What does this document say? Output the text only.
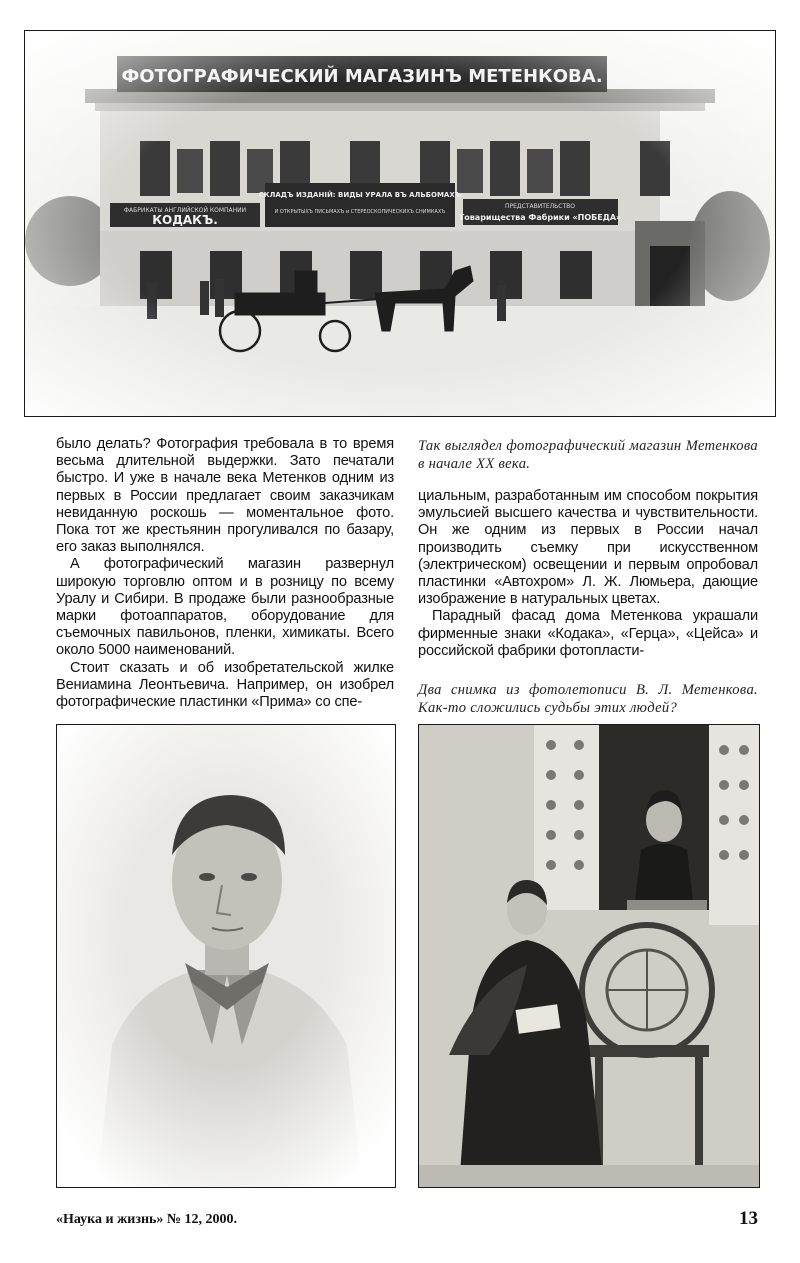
было делать? Фотография требовала в то время весьма длительной выдержки. Зато печатали быстро. И уже в начале века Метенков одним из первых в России предлагает своим заказчикам невиданную роскошь — моментальное фото. Пока тот же крестьянин прогуливался по базару, его заказ выполнялся.

А фотографический магазин развернул широкую торговлю оптом и в розницу по всему Уралу и Сибири. В продаже были разнообразные марки фотоаппаратов, оборудование для съемочных павильонов, пленки, химикаты. Всего около 5000 наименований.

Стоит сказать и об изобретательской жилке Вениамина Леонтьевича. Например, он изобрел фотографические пластинки «Прима» со спе-

Так выглядел фотографический магазин Метенкова в начале XX века.

циальным, разработанным им способом покрытия эмульсией высшего качества и чувствительности. Он же одним из первых в России начал производить съемку при искусственном (электрическом) освещении и первым опробовал пластинки «Автохром» Л. Ж. Люмьера, дающие изображение в натуральных цветах.

Парадный фасад дома Метенкова украшали фирменные знаки «Кодака», «Герца», «Цейса» и российской фабрики фотопласти-

Два снимка из фотолетописи В. Л. Метенкова. Как-то сложились судьбы этих людей?
«Наука и жизнь» № 12, 2000.	13
